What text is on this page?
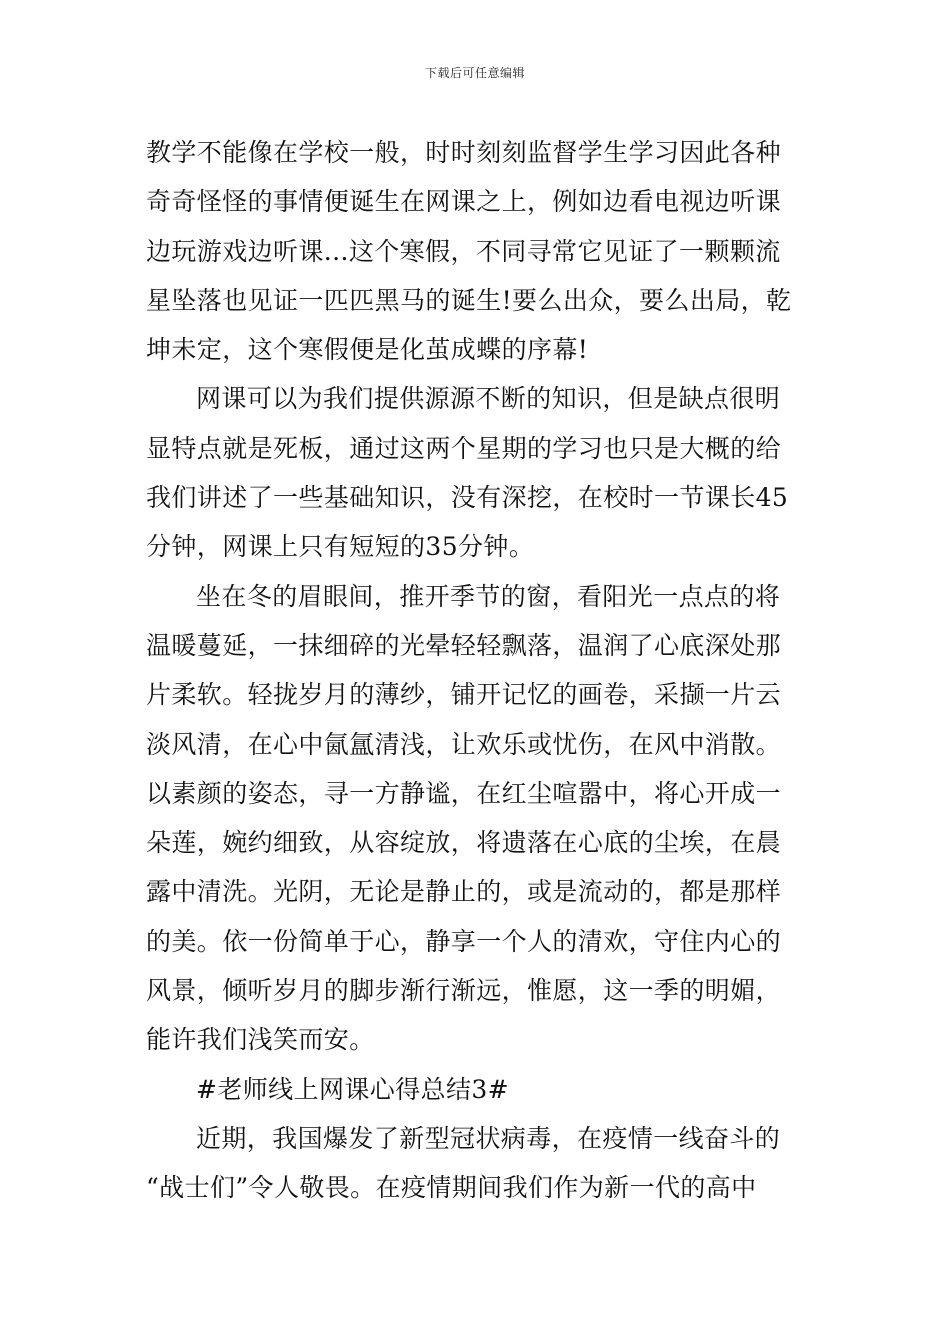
下载后可任意编辑
教学不能像在学校一般，时时刻刻监督学生学习因此各种
奇奇怪怪的事情便诞生在网课之上，例如边看电视边听课
边玩游戏边听课...这个寒假，不同寻常它见证了一颗颗流
星坠落也见证一匹匹黑马的诞生!要么出众，要么出局，乾
坤未定，这个寒假便是化茧成蝶的序幕!
网课可以为我们提供源源不断的知识，但是缺点很明
显特点就是死板，通过这两个星期的学习也只是大概的给
我们讲述了一些基础知识，没有深挖，在校时一节课长45
分钟，网课上只有短短的35分钟。
坐在冬的眉眼间，推开季节的窗，看阳光一点点的将
温暖蔓延，一抹细碎的光晕轻轻飘落，温润了心底深处那
片柔软。轻拢岁月的薄纱，铺开记忆的画卷，采撷一片云
淡风清，在心中氤氲清浅，让欢乐或忧伤，在风中消散。
以素颜的姿态，寻一方静谧，在红尘喧嚣中，将心开成一
朵莲，婉约细致，从容绽放，将遗落在心底的尘埃，在晨
露中清洗。光阴，无论是静止的，或是流动的，都是那样
的美。依一份简单于心，静享一个人的清欢，守住内心的
风景，倾听岁月的脚步渐行渐远，惟愿，这一季的明媚，
能许我们浅笑而安。
#老师线上网课心得总结3#
近期，我国爆发了新型冠状病毒，在疫情一线奋斗的
“战士们”令人敬畏。在疫情期间我们作为新一代的高中
